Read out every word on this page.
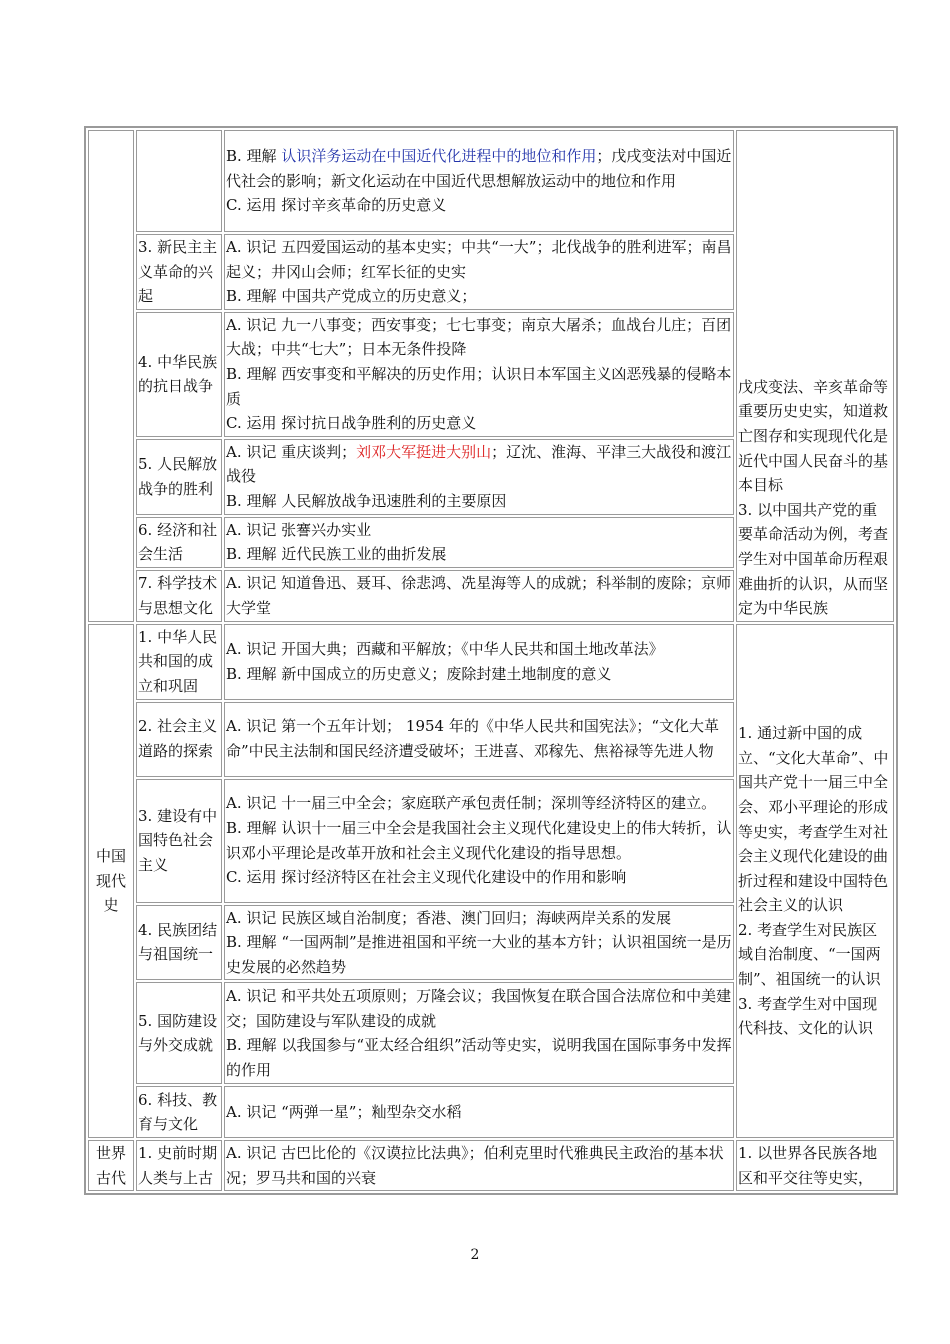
		B. 理解 认识洋务运动在中国近代化进程中的地位和作用；戊戌变法对中国近代社会的影响；新文化运动在中国近代思想解放运动中的地位和作用
C. 运用 探讨辛亥革命的历史意义	戊戌变法、辛亥革命等重要历史史实，知道救亡图存和实现现代化是近代中国人民奋斗的基本目标
3. 以中国共产党的重要革命活动为例，考查学生对中国革命历程艰难曲折的认识，从而坚定为中华民族

	3. 新民主主义革命的兴起	A. 识记 五四爱国运动的基本史实；中共“一大”；北伐战争的胜利进军；南昌起义；井冈山会师；红军长征的史实
B. 理解 中国共产党成立的历史意义；	

	4. 中华民族的抗日战争	A. 识记 九一八事变；西安事变；七七事变；南京大屠杀；血战台儿庄；百团大战；中共“七大”；日本无条件投降
B. 理解 西安事变和平解决的历史作用；认识日本军国主义凶恶残暴的侵略本质
C. 运用 探讨抗日战争胜利的历史意义	

	5. 人民解放战争的胜利	A. 识记 重庆谈判；刘邓大军挺进大别山；辽沈、淮海、平津三大战役和渡江战役
B. 理解 人民解放战争迅速胜利的主要原因	

	6. 经济和社会生活	A. 识记 张謇兴办实业
B. 理解 近代民族工业的曲折发展	

	7. 科学技术与思想文化	A. 识记 知道鲁迅、聂耳、徐悲鸿、冼星海等人的成就；科举制的废除；京师大学堂	

中国现代史	1. 中华人民共和国的成立和巩固	A. 识记 开国大典；西藏和平解放；《中华人民共和国土地改革法》
B. 理解 新中国成立的历史意义；废除封建土地制度的意义	1. 通过新中国的成立、“文化大革命”、中国共产党十一届三中全会、邓小平理论的形成等史实，考查学生对社会主义现代化建设的曲折过程和建设中国特色社会主义的认识
2. 考查学生对民族区域自治制度、“一国两制”、祖国统一的认识
3. 考查学生对中国现代科技、文化的认识

	2. 社会主义道路的探索	A. 识记 第一个五年计划； 1954 年的《中华人民共和国宪法》；“文化大革命”中民主法制和国民经济遭受破坏；王进喜、邓稼先、焦裕禄等先进人物	

	3. 建设有中国特色社会主义	A. 识记 十一届三中全会；家庭联产承包责任制；深圳等经济特区的建立。
B. 理解 认识十一届三中全会是我国社会主义现代化建设史上的伟大转折，认识邓小平理论是改革开放和社会主义现代化建设的指导思想。
C. 运用 探讨经济特区在社会主义现代化建设中的作用和影响	

	4. 民族团结与祖国统一	A. 识记 民族区域自治制度；香港、澳门回归；海峡两岸关系的发展
B. 理解 “一国两制”是推进祖国和平统一大业的基本方针；认识祖国统一是历史发展的必然趋势	

	5. 国防建设与外交成就	A. 识记 和平共处五项原则；万隆会议；我国恢复在联合国合法席位和中美建交；国防建设与军队建设的成就
B. 理解 以我国参与“亚太经合组织”活动等史实，说明我国在国际事务中发挥的作用	

	6. 科技、教育与文化	A. 识记 “两弹一星”；籼型杂交水稻	

世界古代	1. 史前时期人类与上古	A. 识记 古巴比伦的《汉谟拉比法典》；伯利克里时代雅典民主政治的基本状况；罗马共和国的兴衰	1. 以世界各民族各地区和平交往等史实，
2
